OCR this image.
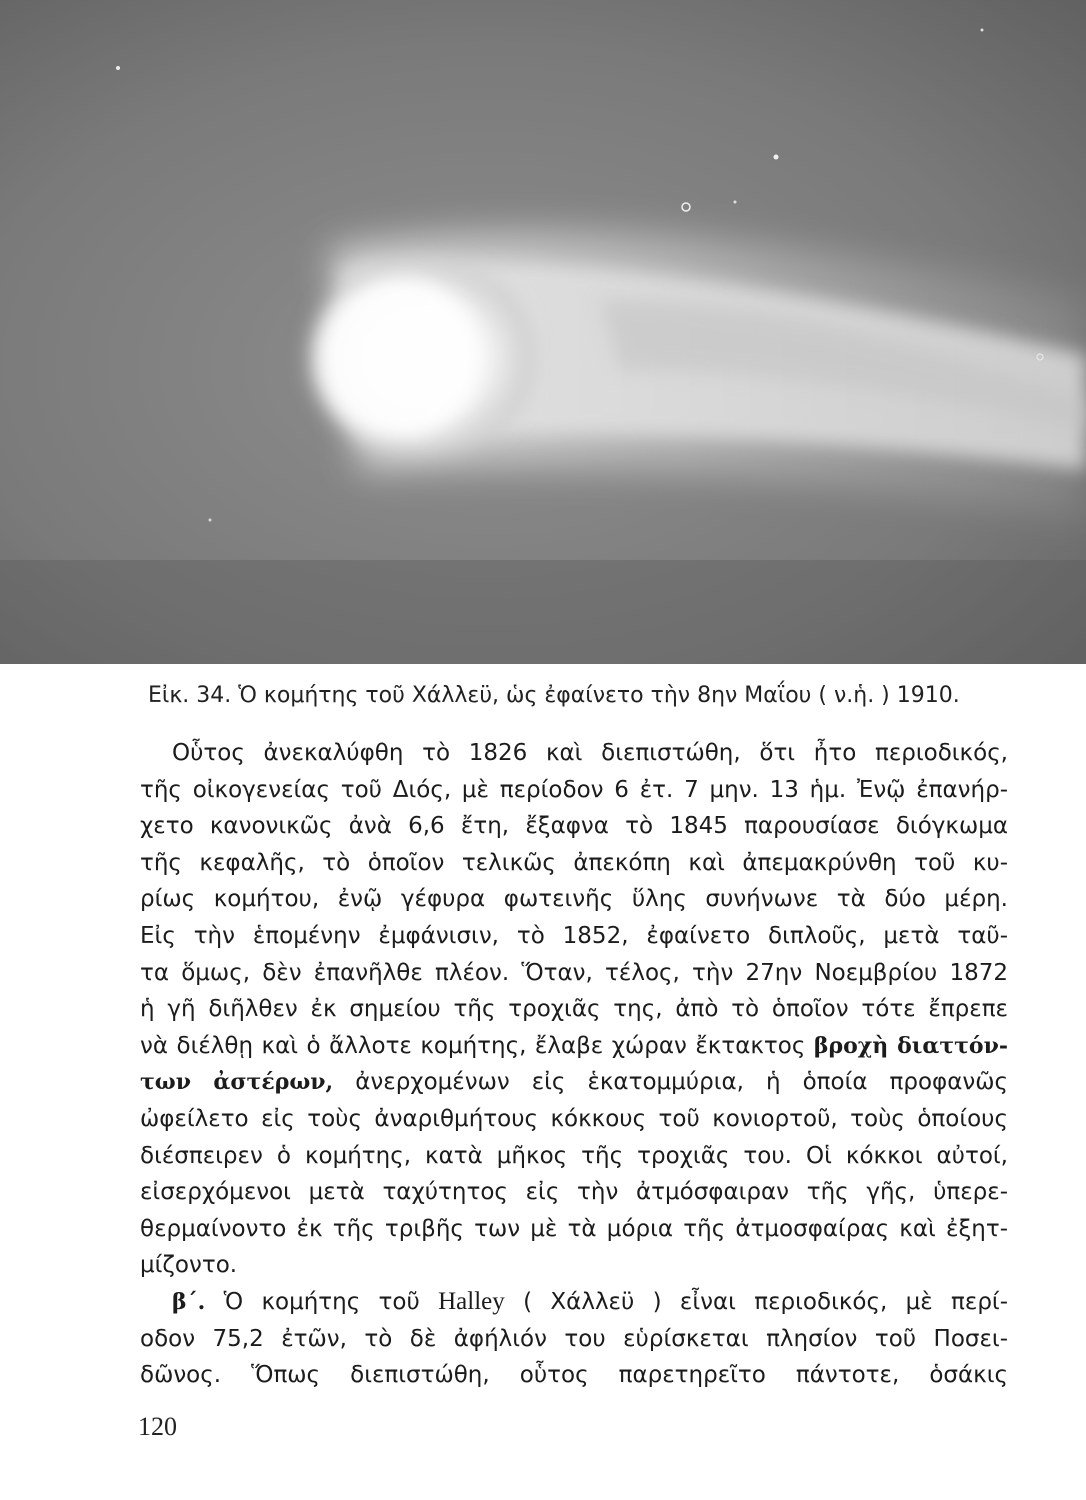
Εἰκ. 34. Ὁ κομήτης τοῦ Χάλλεϋ, ὡς ἐφαίνετο τὴν 8ην Μαΐου ( ν.ἡ. ) 1910.
Οὗτος ἀνεκαλύφθη τὸ 1826 καὶ διεπιστώθη, ὅτι ἦτο περιοδικός,
τῆς οἰκογενείας τοῦ Διός, μὲ περίοδον 6 ἐτ. 7 μην. 13 ἡμ. Ἐνῷ ἐπανήρ-
χετο κανονικῶς ἀνὰ 6,6 ἔτη, ἔξαφνα τὸ 1845 παρουσίασε διόγκωμα
τῆς κεφαλῆς, τὸ ὁποῖον τελικῶς ἀπεκόπη καὶ ἀπεμακρύνθη τοῦ κυ-
ρίως κομήτου, ἐνῷ γέφυρα φωτεινῆς ὕλης συνήνωνε τὰ δύο μέρη.
Εἰς τὴν ἑπομένην ἐμφάνισιν, τὸ 1852, ἐφαίνετο διπλοῦς, μετὰ ταῦ-
τα ὅμως, δὲν ἐπανῆλθε πλέον. Ὅταν, τέλος, τὴν 27ην Νοεμβρίου 1872
ἡ γῆ διῆλθεν ἐκ σημείου τῆς τροχιᾶς της, ἀπὸ τὸ ὁποῖον τότε ἔπρεπε
νὰ διέλθῃ καὶ ὁ ἄλλοτε κομήτης, ἔλαβε χώραν ἔκτακτος βροχὴ διαττόν-
των ἀστέρων, ἀνερχομένων εἰς ἑκατομμύρια, ἡ ὁποία προφανῶς
ὠφείλετο εἰς τοὺς ἀναριθμήτους κόκκους τοῦ κονιορτοῦ, τοὺς ὁποίους
διέσπειρεν ὁ κομήτης, κατὰ μῆκος τῆς τροχιᾶς του. Οἱ κόκκοι αὐτοί,
εἰσερχόμενοι μετὰ ταχύτητος εἰς τὴν ἀτμόσφαιραν τῆς γῆς, ὑπερε-
θερμαίνοντο ἐκ τῆς τριβῆς των μὲ τὰ μόρια τῆς ἀτμοσφαίρας καὶ ἐξητ-
μίζοντο.
β΄. Ὁ κομήτης τοῦ Halley ( Χάλλεϋ ) εἶναι περιοδικός, μὲ περί-
οδον 75,2 ἐτῶν, τὸ δὲ ἀφήλιόν του εὑρίσκεται πλησίον τοῦ Ποσει-
δῶνος. Ὅπως διεπιστώθη, οὗτος παρετηρεῖτο πάντοτε, ὁσάκις
120
